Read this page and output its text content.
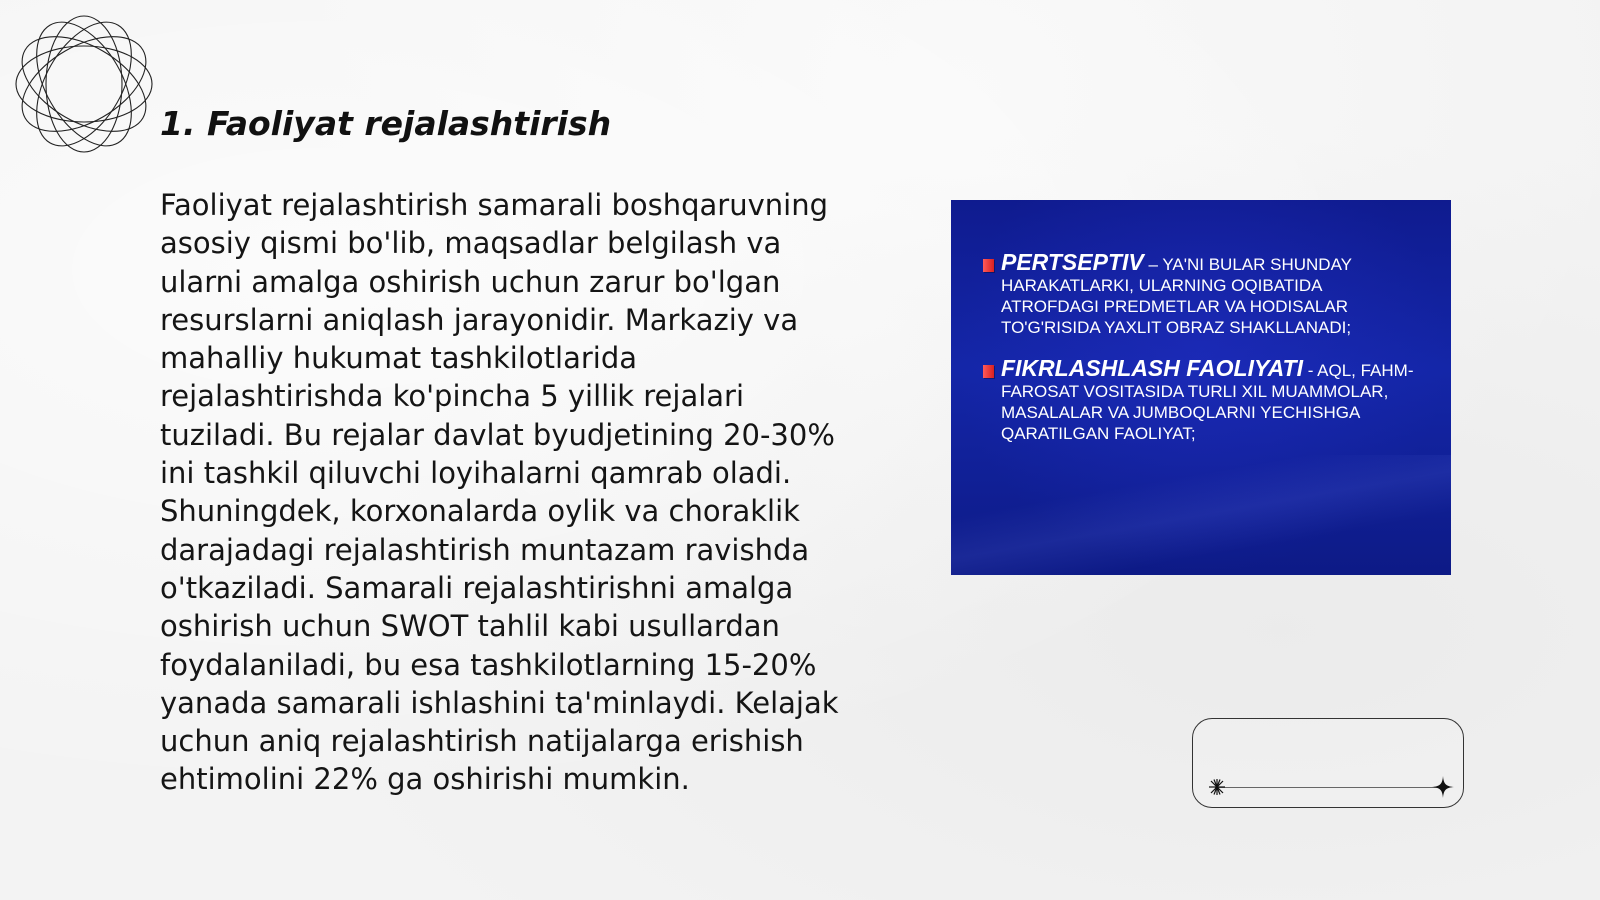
1. Faoliyat rejalashtirish

Faoliyat rejalashtirish samarali boshqaruvning asosiy qismi bo'lib, maqsadlar belgilash va ularni amalga oshirish uchun zarur bo'lgan resurslarni aniqlash jarayonidir. Markaziy va mahalliy hukumat tashkilotlarida rejalashtirishda ko'pincha 5 yillik rejalari tuziladi. Bu rejalar davlat byudjetining 20-30% ini tashkil qiluvchi loyihalarni qamrab oladi. Shuningdek, korxonalarda oylik va choraklik darajadagi rejalashtirish muntazam ravishda o'tkaziladi. Samarali rejalashtirishni amalga oshirish uchun SWOT tahlil kabi usullardan foydalaniladi, bu esa tashkilotlarning 15-20% yanada samarali ishlashini ta'minlaydi. Kelajak uchun aniq rejalashtirish natijalarga erishish ehtimolini 22% ga oshirishi mumkin.

PERTSEPTIV – YA'NI BULAR SHUNDAY HARAKATLARKI, ULARNING OQIBATIDA ATROFDAGI PREDMETLAR VA HODISALAR TO'G'RISIDA YAXLIT OBRAZ SHAKLLANADI;
FIKRLASHLASH FAOLIYATI - AQL, FAHM-FAROSAT VOSITASIDA TURLI XIL MUAMMOLAR, MASALALAR VA JUMBOQLARNI YECHISHGA QARATILGAN FAOLIYAT;
